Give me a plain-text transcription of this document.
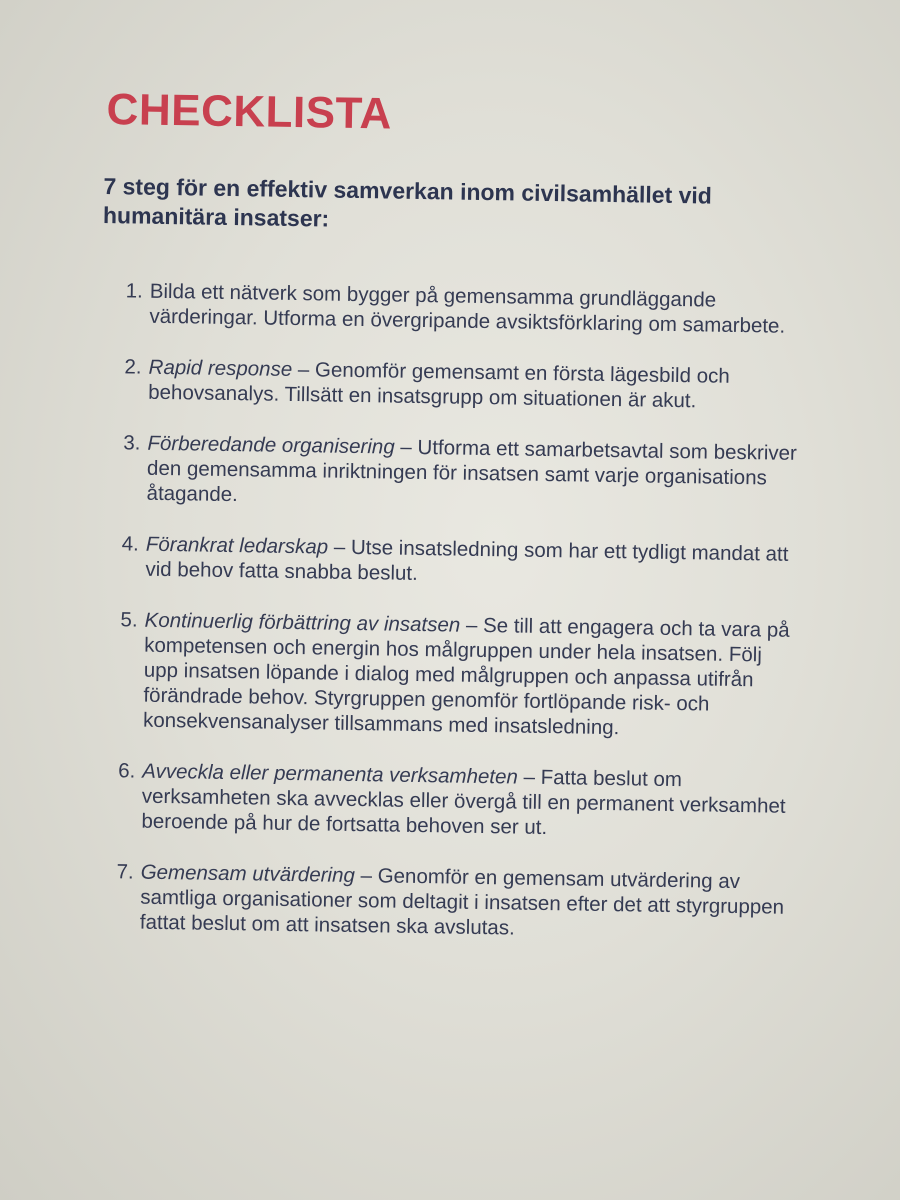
CHECKLISTA
7 steg för en effektiv samverkan inom civilsamhället vid humanitära insatser:
1. Bilda ett nätverk som bygger på gemensamma grundläggande värderingar. Utforma en övergripande avsiktsförklaring om samarbete.
2. Rapid response – Genomför gemensamt en första lägesbild och behovsanalys. Tillsätt en insatsgrupp om situationen är akut.
3. Förberedande organisering – Utforma ett samarbetsavtal som beskriver den gemensamma inriktningen för insatsen samt varje organisations åtagande.
4. Förankrat ledarskap – Utse insatsledning som har ett tydligt mandat att vid behov fatta snabba beslut.
5. Kontinuerlig förbättring av insatsen – Se till att engagera och ta vara på kompetensen och energin hos målgruppen under hela insatsen. Följ upp insatsen löpande i dialog med målgruppen och anpassa utifrån förändrade behov. Styrgruppen genomför fortlöpande risk- och konsekvensanalyser tillsammans med insatsledning.
6. Avveckla eller permanenta verksamheten – Fatta beslut om verksamheten ska avvecklas eller övergå till en permanent verksamhet beroende på hur de fortsatta behoven ser ut.
7. Gemensam utvärdering – Genomför en gemensam utvärdering av samtliga organisationer som deltagit i insatsen efter det att styrgruppen fattat beslut om att insatsen ska avslutas.
